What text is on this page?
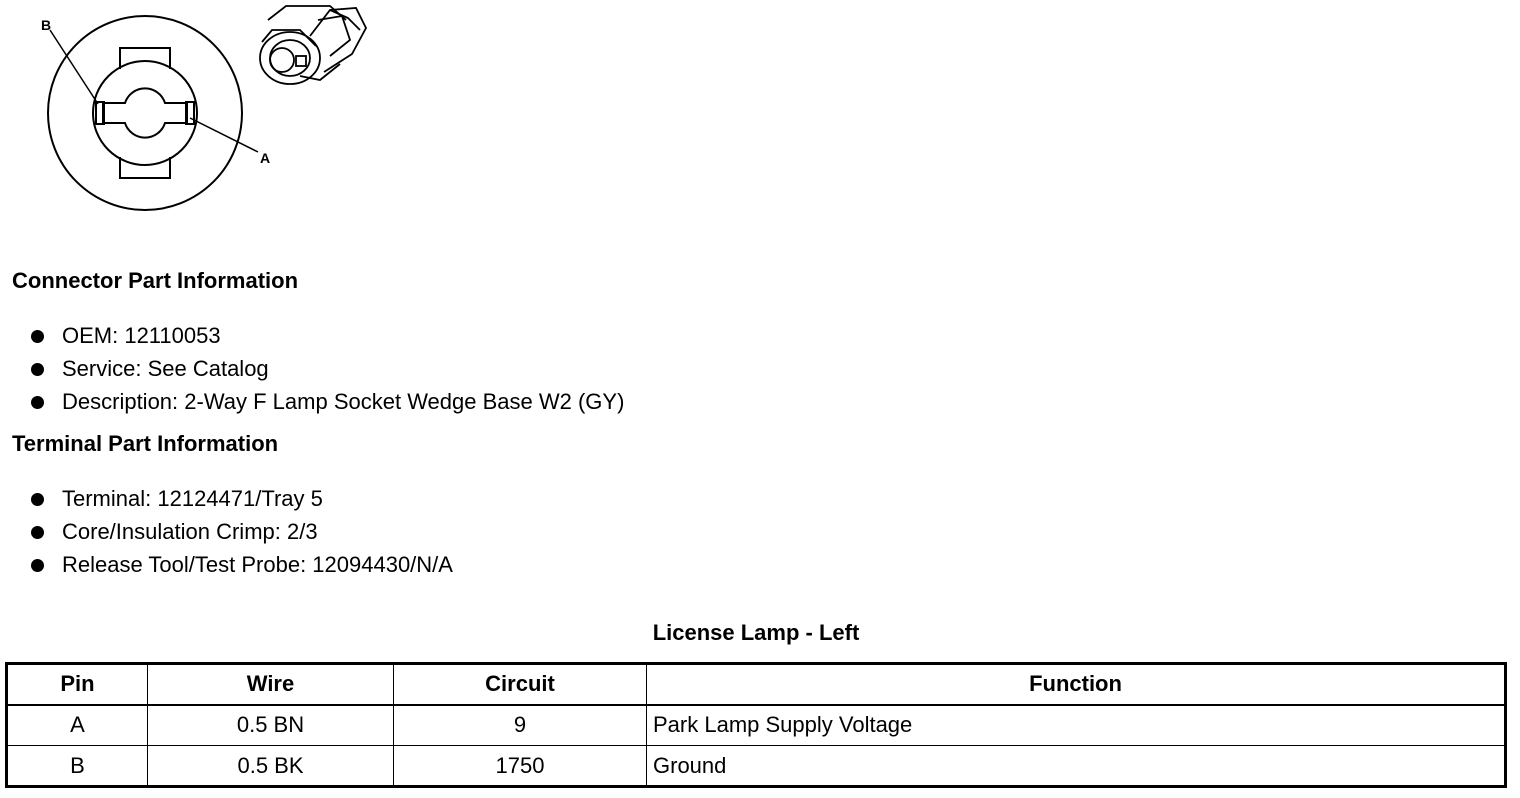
B
A
Connector Part Information
OEM: 12110053
Service: See Catalog
Description: 2-Way F Lamp Socket Wedge Base W2 (GY)
Terminal Part Information
Terminal: 12124471/Tray 5
Core/Insulation Crimp: 2/3
Release Tool/Test Probe: 12094430/N/A
License Lamp - Left
Pin	Wire	Circuit	Function
A	0.5 BN	9	Park Lamp Supply Voltage
B	0.5 BK	1750	Ground
